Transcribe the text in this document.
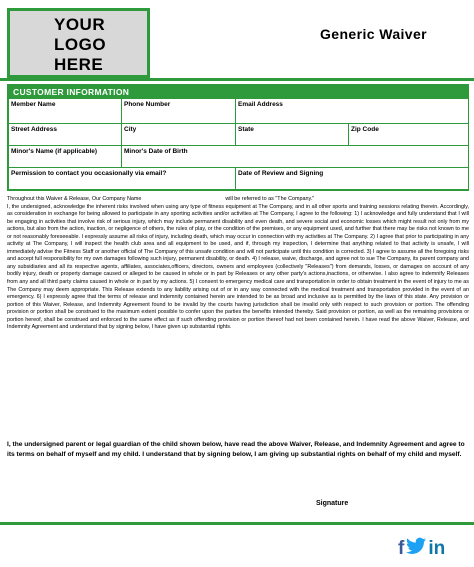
YOUR
LOGO
HERE
Generic Waiver
CUSTOMER INFORMATION
Member Name	Phone Number	Email Address	
Street Address	City	State	Zip Code
Minor's Name (if applicable)	Minor's Date of Birth		
Permission to contact you occasionally via email?		Date of Review and Signing	
Throughout this Waiver & Release, Our Company Name	will be referred to as "The Company."
I, the undersigned, acknowledge the inherent risks involved when using any type of fitness equipment at The Company, and in all other sports and training sessions relating therein. Accordingly, as consideration in exchange for being allowed to participate in any sporting activities and/or activities at The Company, I agree to the following: 1) I acknowledge and fully understand that I will be engaging in activities that involve risk of serious injury, which may include permanent disability and even death, and severe social and economic losses which might result not only from my actions, but also from the action, inaction, or negligence of others, the rules of play, or the condition of the premises, or any equipment used, and further that there may be risks not known to me or not reasonably foreseeable. I expressly assume all risks of injury, including death, which may occur in connection with my activities at The Company. 2) I agree that prior to participating in any activity at The Company, I will inspect the health club area and all equipment to be used, and if, through my inspection, I determine that anything related to that activity is unsafe, I will immediately advise the Fitness Staff or another official of The Company of this unsafe condition and will not participate until this condition is corrected. 3) I agree to assume all the foregoing risks and accept full responsibility for my own damages following such injury, permanent disability, or death. 4) I release, waive, discharge, and agree not to sue The Company, its parent company and any subsidiaries and all its respective agents, affiliates, associates,officers, directors, owners and employees (collectively "Releases") from demands, losses, or damages on account of any bodily injury, death or property damage caused or alleged to be caused in whole or in part by Releases or any other party's actions,inactions, or otherwise. I also agree to indemnify Releases from any and all third party claims caused in whole or in part by my actions. 5) I consent to emergency medical care and transportation in order to obtain treatment in the event of injury to me as The Company may deem appropriate. This Release extends to any liability arising out of or in any way connected with the medical treatment and transportation provided in the event of an emergency. 6) I expressly agree that the terms of release and indemnity contained herein are intended to be as broad and inclusive as is permitted by the laws of this state. Any provision or portion of this Waiver, Release, and Indemnity Agreement found to be invalid by the courts having jurisdiction shall be invalid only with respect to such provision or portion. The offending provision or portion shall be construed to the maximum extent possible to confer upon the parties the benefits intended thereby. Said provision or portion, as well as the remaining provisions or portion hereof, shall be construed and enforced to the same effect as if such offending provision or portion thereof had not been contained herein. I have read the above Waiver, Release, and Indemnity Agreement and understand that by signing below, I have given up substantial rights.
I, the undersigned parent or legal guardian of the child shown below, have read the above Waiver, Release, and Indemnity Agreement and agree to its terms on behalf of myself and my child. I understand that by signing below, I am giving up substantial rights on behalf of my child and myself.
Signature
f in
